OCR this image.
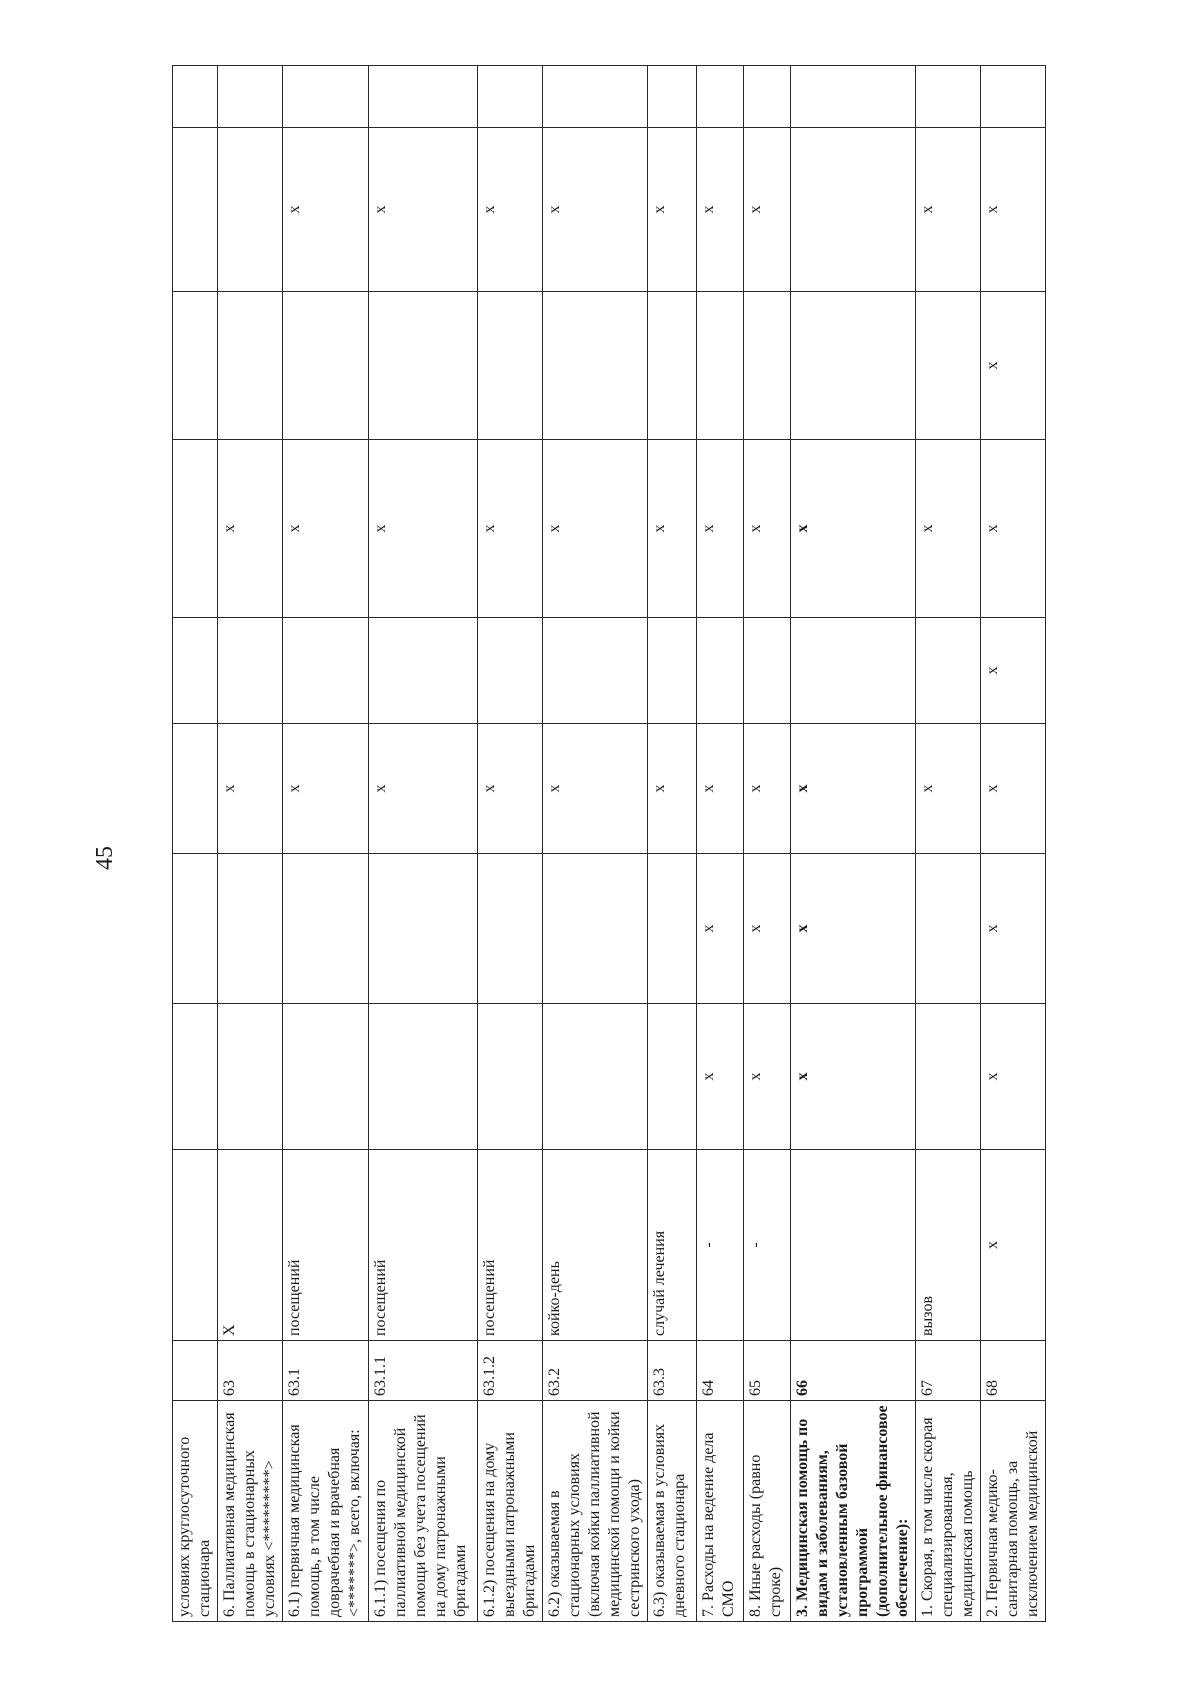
45
условиях круглосуточного стационара										
6. Паллиативная медицинская помощь в стационарных условиях <*********>	63	X			х		х			
6.1) первичная медицинская помощь, в том числе доврачебная и врачебная <*******>, всего, включая:	63.1	посещений			х		х		х	
6.1.1) посещения по паллиативной медицинской помощи без учета посещений на дому патронажными бригадами	63.1.1	посещений			х		х		х	
6.1.2) посещения на дому выездными патронажными бригадами	63.1.2	посещений			х		х		х	
6.2) оказываемая в стационарных условиях (включая койки паллиативной медицинской помощи и койки сестринского ухода)	63.2	койко-день			х		х		х	
6.3) оказываемая в условиях дневного стационара	63.3	случай лечения			х		х		х	
7. Расходы на ведение дела СМО	64	-	х	х	х		х		х	
8. Иные расходы (равно строке)	65	-	х	х	х		х		х	
3. Медицинская помощь по видам и заболеваниям, установленным базовой программой (дополнительное финансовое обеспечение):	66		х	х	х		х			
1. Скорая, в том числе скорая специализированная, медицинская помощь	67	вызов			х		х		х	
2. Первичная медико-санитарная помощь, за исключением медицинской	68	х	х	х	х	х	х	х	х	
